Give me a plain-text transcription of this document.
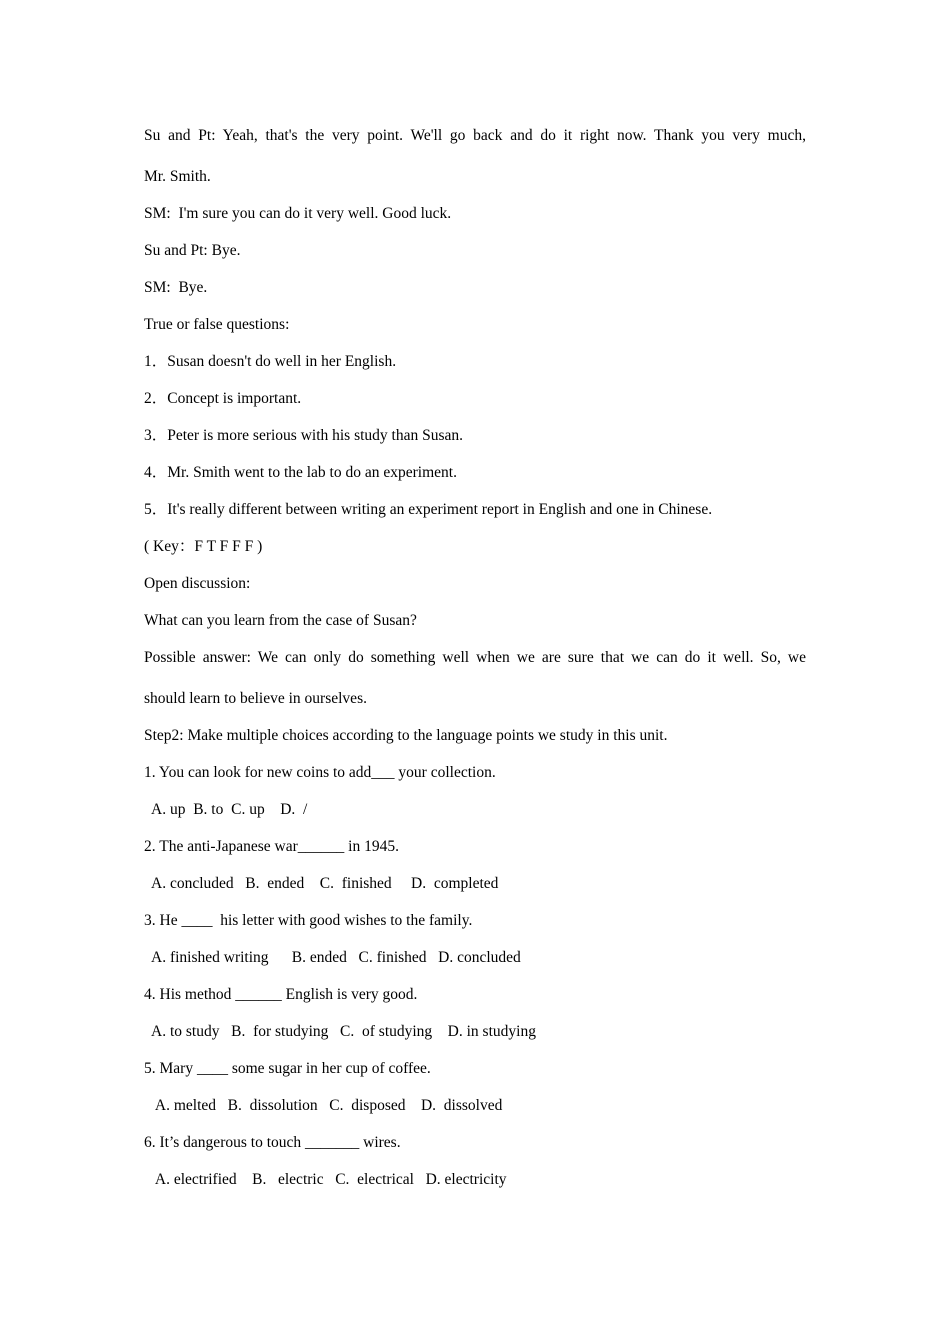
Su and Pt: Yeah, that's the very point. We'll go back and do it right now. Thank you very much,
Mr. Smith.
SM:  I'm sure you can do it very well. Good luck.
Su and Pt: Bye.
SM:  Bye.
True or false questions:
1．Susan doesn't do well in her English.
2．Concept is important.
3．Peter is more serious with his study than Susan.
4．Mr. Smith went to the lab to do an experiment.
5．It's really different between writing an experiment report in English and one in Chinese.
( Key：F T F F F )
Open discussion:
What can you learn from the case of Susan?
Possible answer: We can only do something well when we are sure that we can do it well. So, we
should learn to believe in ourselves.
Step2: Make multiple choices according to the language points we study in this unit.
1. You can look for new coins to add___ your collection.
A. up  B. to  C. up    D.  /
2. The anti-Japanese war______ in 1945.
A. concluded   B.  ended    C.  finished     D.  completed
3. He ____  his letter with good wishes to the family.
A. finished writing      B. ended   C. finished   D. concluded
4. His method ______ English is very good.
A. to study   B.  for studying   C.  of studying    D. in studying
5. Mary ____ some sugar in her cup of coffee.
A. melted   B.  dissolution   C.  disposed    D.  dissolved
6. It’s dangerous to touch _______ wires.
A. electrified    B.   electric   C.  electrical   D. electricity
